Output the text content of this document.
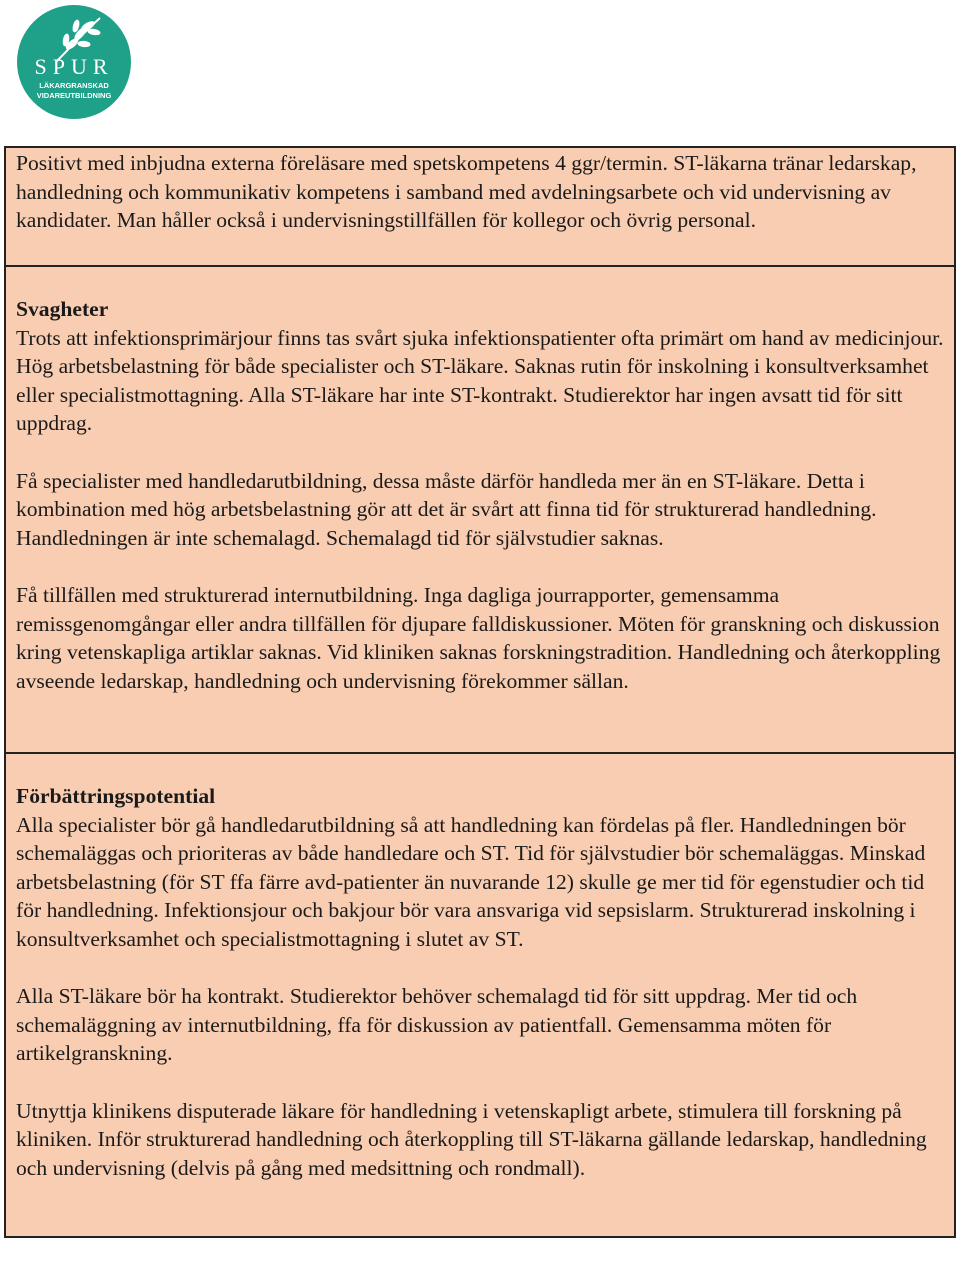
SPUR
LÄKARGRANSKAD
VIDAREUTBILDNING

Positivt med inbjudna externa föreläsare med spetskompetens 4 ggr/termin. ST-läkarna tränar ledarskap, handledning och kommunikativ kompetens i samband med avdelningsarbete och vid undervisning av kandidater. Man håller också i undervisningstillfällen för kollegor och övrig personal.

Svagheter
Trots att infektionsprimärjour finns tas svårt sjuka infektionspatienter ofta primärt om hand av medicinjour. Hög arbetsbelastning för både specialister och ST-läkare. Saknas rutin för inskolning i konsultverksamhet eller specialistmottagning. Alla ST-läkare har inte ST-kontrakt. Studierektor har ingen avsatt tid för sitt uppdrag.

Få specialister med handledarutbildning, dessa måste därför handleda mer än en ST-läkare. Detta i kombination med hög arbetsbelastning gör att det är svårt att finna tid för strukturerad handledning. Handledningen är inte schemalagd. Schemalagd tid för självstudier saknas.

Få tillfällen med strukturerad internutbildning. Inga dagliga jourrapporter, gemensamma remissgenomgångar eller andra tillfällen för djupare falldiskussioner. Möten för granskning och diskussion kring vetenskapliga artiklar saknas. Vid kliniken saknas forskningstradition. Handledning och återkoppling avseende ledarskap, handledning och undervisning förekommer sällan.

Förbättringspotential
Alla specialister bör gå handledarutbildning så att handledning kan fördelas på fler. Handledningen bör schemaläggas och prioriteras av både handledare och ST. Tid för självstudier bör schemaläggas. Minskad arbetsbelastning (för ST ffa färre avd-patienter än nuvarande 12) skulle ge mer tid för egenstudier och tid för handledning. Infektionsjour och bakjour bör vara ansvariga vid sepsislarm. Strukturerad inskolning i konsultverksamhet och specialistmottagning i slutet av ST.

Alla ST-läkare bör ha kontrakt. Studierektor behöver schemalagd tid för sitt uppdrag. Mer tid och schemaläggning av internutbildning, ffa för diskussion av patientfall. Gemensamma möten för artikelgranskning.

Utnyttja klinikens disputerade läkare för handledning i vetenskapligt arbete, stimulera till forskning på kliniken. Inför strukturerad handledning och återkoppling till ST-läkarna gällande ledarskap, handledning och undervisning (delvis på gång med medsittning och rondmall).
